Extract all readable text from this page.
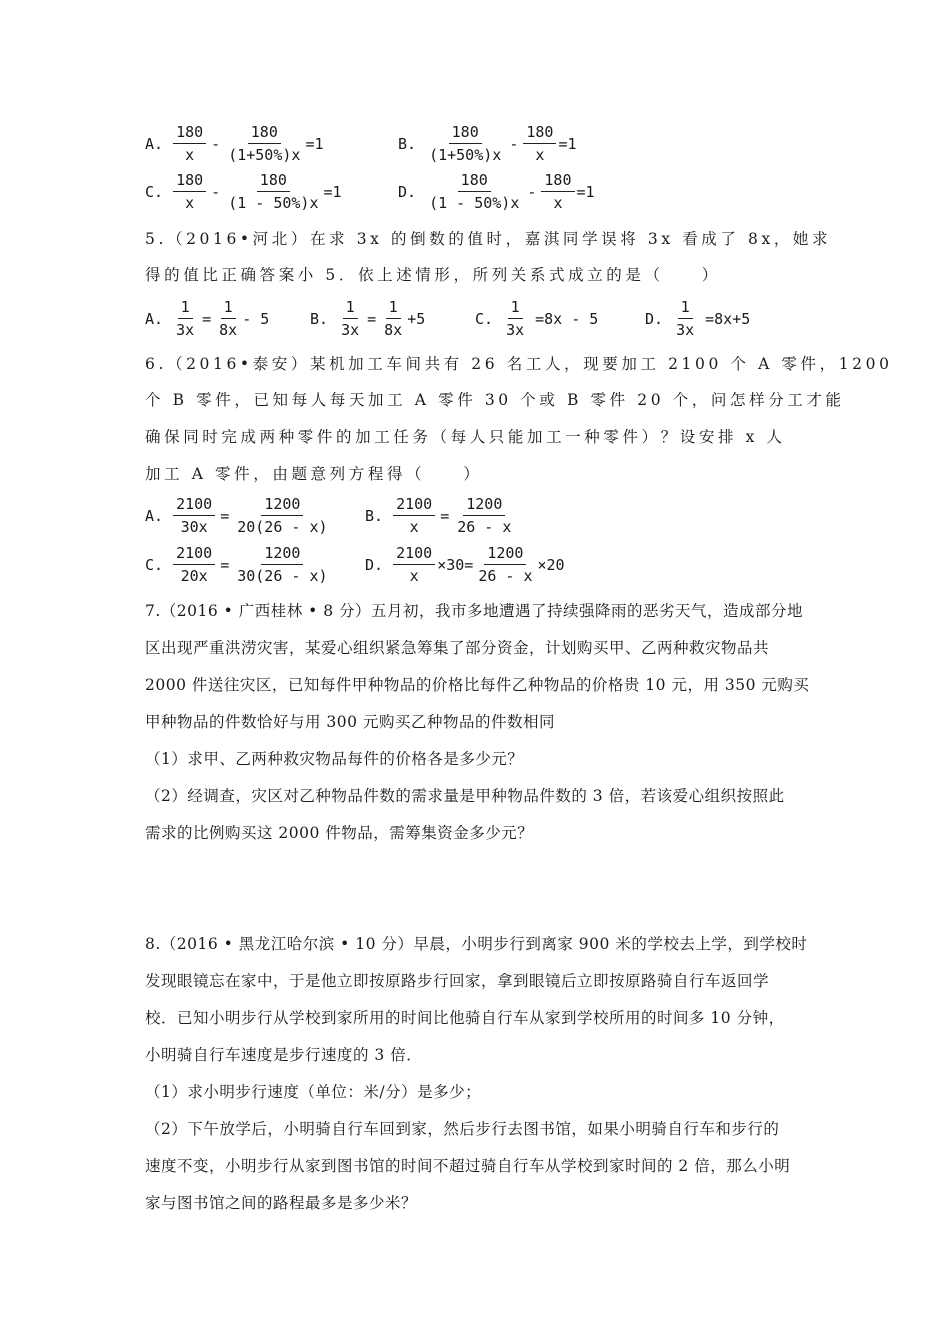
A. $\frac{180}{x} - \frac{180}{(1+50\%)x} =1$	B. $\frac{180}{(1+50\%)x} - \frac{180}{x} =1$
C. $\frac{180}{x} - \frac{180}{(1 - 50\%)x} =1$	D. $\frac{180}{(1 - 50\%)x} - \frac{180}{x} =1$
5.（2016•河北）在求 3x 的倒数的值时，嘉淇同学误将 3x 看成了 8x，她求
得的值比正确答案小 5．依上述情形，所列关系式成立的是（　　）
A. $\frac{1}{3x} = \frac{1}{8x} - 5$	B. $\frac{1}{3x} = \frac{1}{8x} +5$	C. $\frac{1}{3x} =8x - 5$	D. $\frac{1}{3x} =8x+5$
6.（2016•泰安）某机加工车间共有 26 名工人，现要加工 2100 个 A 零件，1200
个 B 零件，已知每人每天加工 A 零件 30 个或 B 零件 20 个，问怎样分工才能
确保同时完成两种零件的加工任务（每人只能加工一种零件）？设安排 x 人
加工 A 零件，由题意列方程得（　　）
A. $\frac{2100}{30x} = \frac{1200}{20(26 - x)} B$. $\frac{2100}{x} = \frac{1200}{26 - x}$
C. $\frac{2100}{20x} = \frac{1200}{30(26 - x)} D$. $\frac{2100}{x} \times 30= \frac{1200}{26 - x} \times 20$
7.（2016 • 广西桂林 • 8 分）五月初，我市多地遭遇了持续强降雨的恶劣天气，造成部分地
区出现严重洪涝灾害，某爱心组织紧急筹集了部分资金，计划购买甲、乙两种救灾物品共
2000 件送往灾区，已知每件甲种物品的价格比每件乙种物品的价格贵 10 元，用 350 元购买
甲种物品的件数恰好与用 300 元购买乙种物品的件数相同
（1）求甲、乙两种救灾物品每件的价格各是多少元？
（2）经调查，灾区对乙种物品件数的需求量是甲种物品件数的 3 倍，若该爱心组织按照此
需求的比例购买这 2000 件物品，需筹集资金多少元？
8.（2016 • 黑龙江哈尔滨 • 10 分）早晨，小明步行到离家 900 米的学校去上学，到学校时
发现眼镜忘在家中，于是他立即按原路步行回家，拿到眼镜后立即按原路骑自行车返回学
校．已知小明步行从学校到家所用的时间比他骑自行车从家到学校所用的时间多 10 分钟，
小明骑自行车速度是步行速度的 3 倍．
（1）求小明步行速度（单位：米/分）是多少；
（2）下午放学后，小明骑自行车回到家，然后步行去图书馆，如果小明骑自行车和步行的
速度不变，小明步行从家到图书馆的时间不超过骑自行车从学校到家时间的 2 倍，那么小明
家与图书馆之间的路程最多是多少米？
